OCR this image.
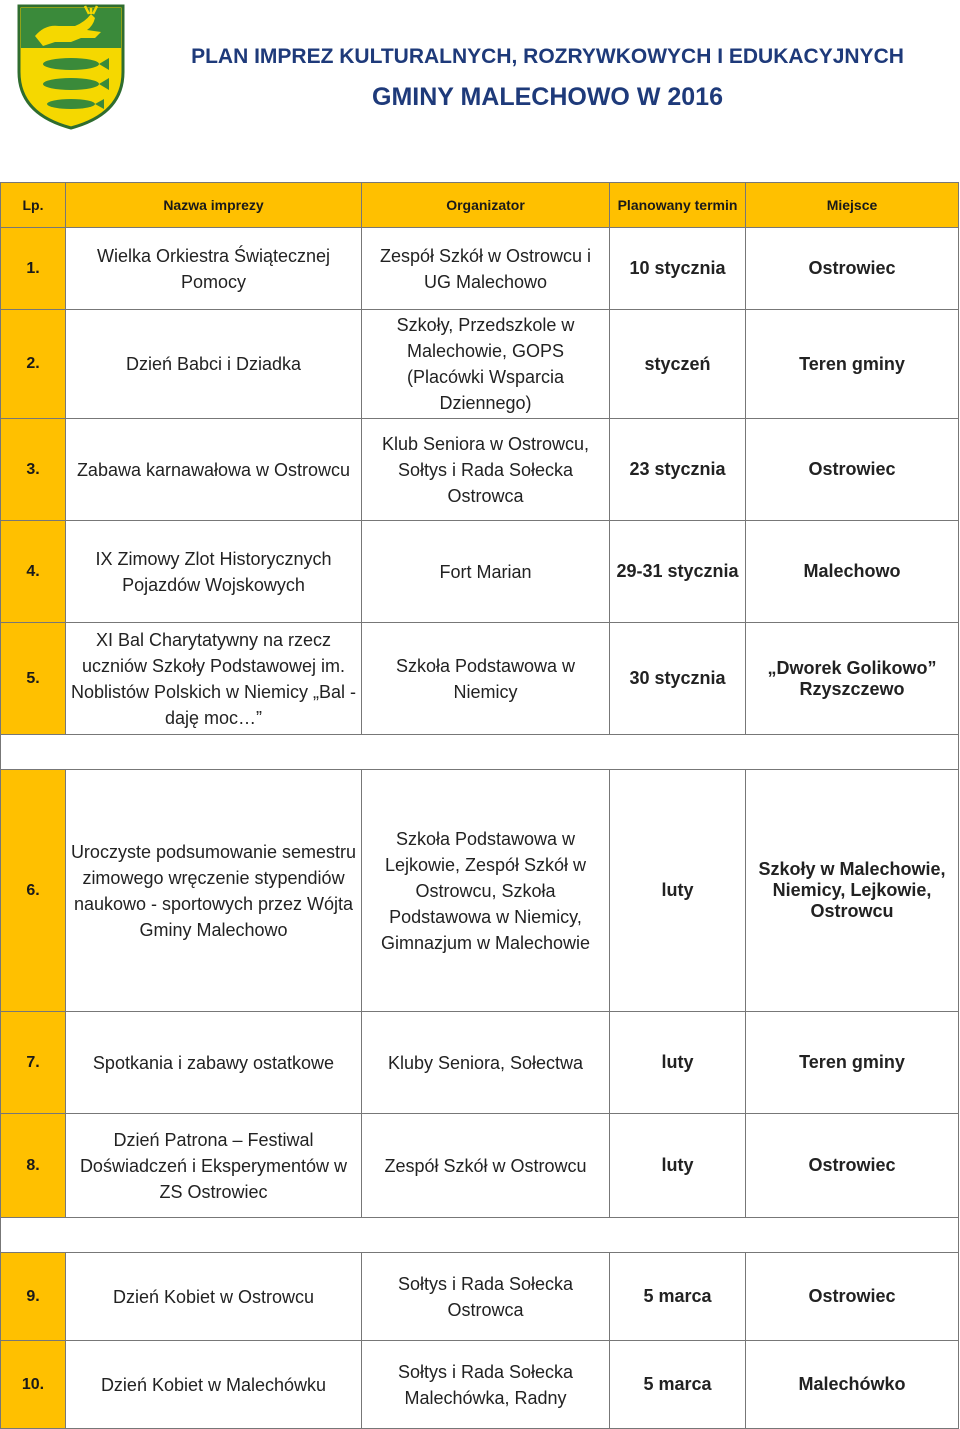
PLAN IMPREZ KULTURALNYCH, ROZRYWKOWYCH I EDUKACYJNYCH
GMINY MALECHOWO W 2016
Lp.	Nazwa imprezy	Organizator	Planowany termin	Miejsce
1.	Wielka Orkiestra Świątecznej Pomocy	Zespół Szkół w Ostrowcu i UG Malechowo	10 stycznia	Ostrowiec
2.	Dzień Babci i Dziadka	Szkoły, Przedszkole w Malechowie, GOPS (Placówki Wsparcia Dziennego)	styczeń	Teren gminy
3.	Zabawa karnawałowa w Ostrowcu	Klub Seniora w Ostrowcu, Sołtys i Rada Sołecka Ostrowca	23 stycznia	Ostrowiec
4.	IX Zimowy Zlot Historycznych Pojazdów Wojskowych	Fort Marian	29-31 stycznia	Malechowo
5.	XI Bal Charytatywny na rzecz uczniów Szkoły Podstawowej im. Noblistów Polskich w Niemicy „Bal - daję moc…”	Szkoła Podstawowa w Niemicy	30 stycznia	„Dworek Golikowo” Rzyszczewo

6.	Uroczyste podsumowanie semestru zimowego wręczenie stypendiów naukowo - sportowych przez Wójta Gminy Malechowo	Szkoła Podstawowa w Lejkowie, Zespół Szkół w Ostrowcu, Szkoła Podstawowa w Niemicy, Gimnazjum w Malechowie	luty	Szkoły w Malechowie, Niemicy, Lejkowie, Ostrowcu
7.	Spotkania i zabawy ostatkowe	Kluby Seniora, Sołectwa	luty	Teren gminy
8.	Dzień Patrona – Festiwal Doświadczeń i Eksperymentów w ZS Ostrowiec	Zespół Szkół w Ostrowcu	luty	Ostrowiec

9.	Dzień Kobiet w Ostrowcu	Sołtys i Rada Sołecka Ostrowca	5 marca	Ostrowiec
10.	Dzień Kobiet w Malechówku	Sołtys i Rada Sołecka Malechówka, Radny	5 marca	Malechówko
